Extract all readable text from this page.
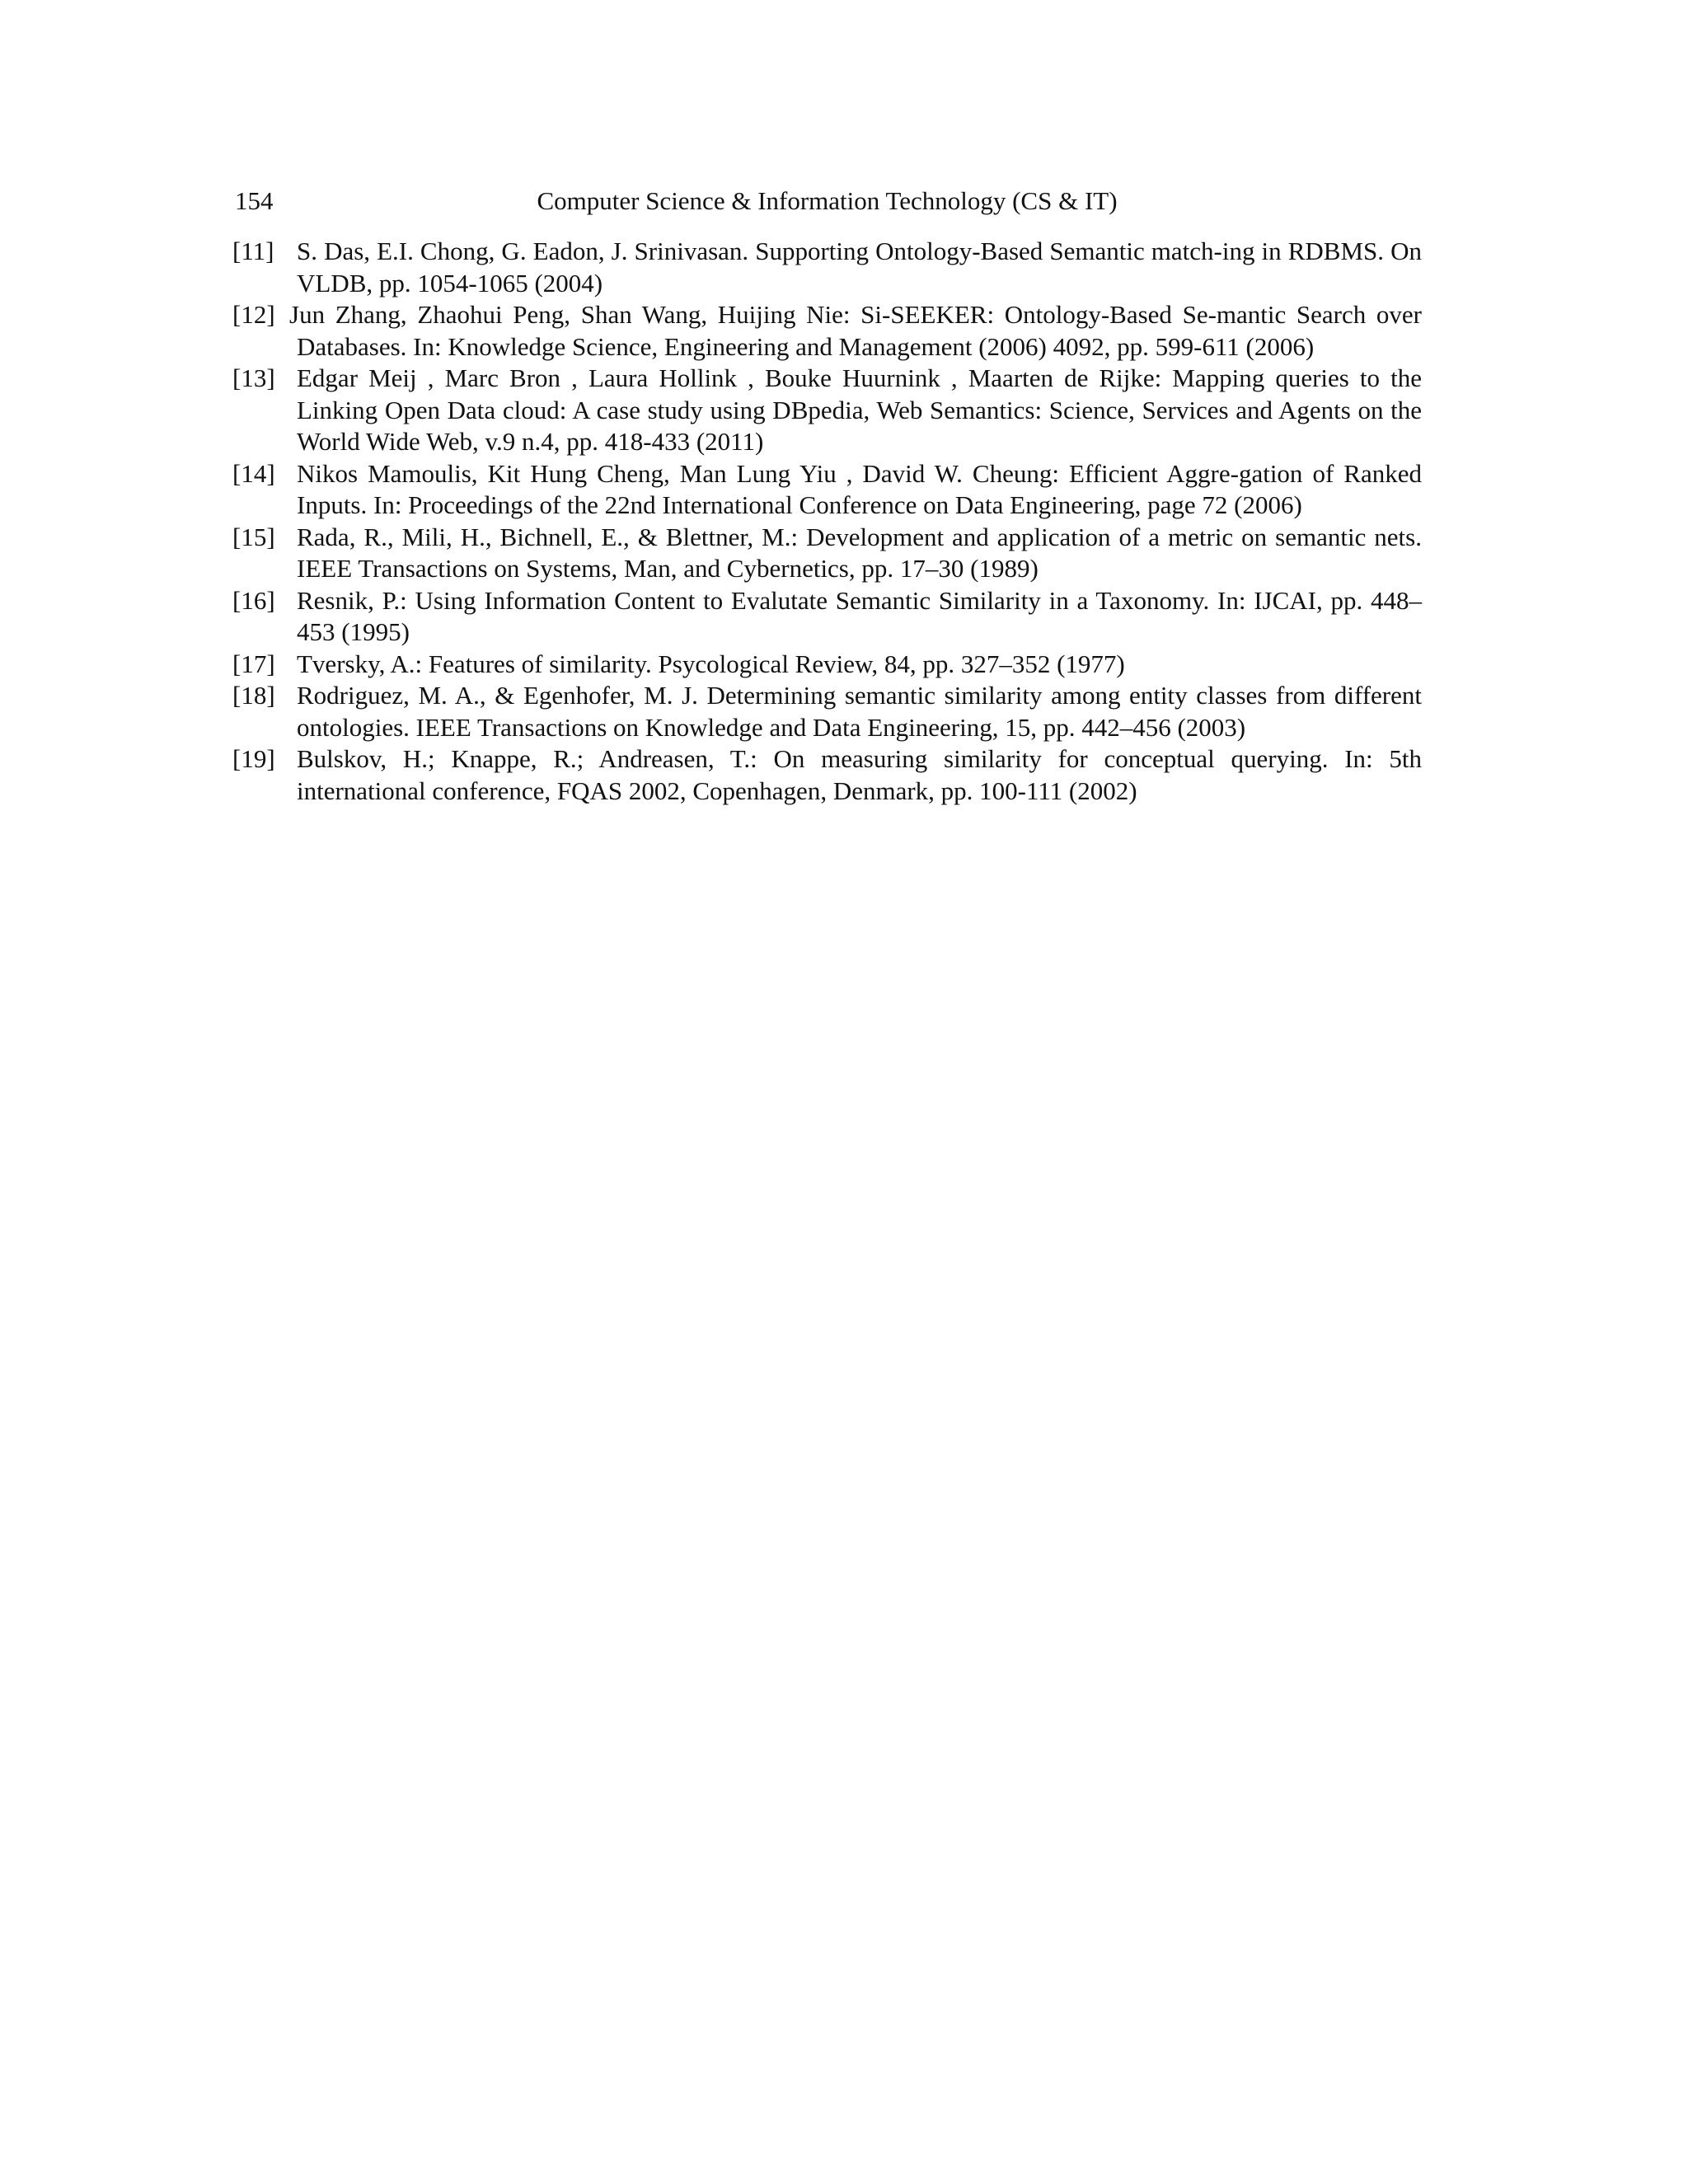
154	Computer Science & Information Technology (CS & IT)
[11] S. Das, E.I. Chong, G. Eadon, J. Srinivasan. Supporting Ontology-Based Semantic match-ing in RDBMS. On VLDB, pp. 1054-1065 (2004)
[12] Jun Zhang, Zhaohui Peng, Shan Wang, Huijing Nie: Si-SEEKER: Ontology-Based Se-mantic Search over Databases. In: Knowledge Science, Engineering and Management (2006) 4092, pp. 599-611 (2006)
[13] Edgar Meij , Marc Bron , Laura Hollink , Bouke Huurnink , Maarten de Rijke: Mapping queries to the Linking Open Data cloud: A case study using DBpedia, Web Semantics: Science, Services and Agents on the World Wide Web, v.9 n.4, pp. 418-433 (2011)
[14] Nikos Mamoulis, Kit Hung Cheng, Man Lung Yiu , David W. Cheung: Efficient Aggre-gation of Ranked Inputs. In: Proceedings of the 22nd International Conference on Data Engineering, page 72 (2006)
[15] Rada, R., Mili, H., Bichnell, E., & Blettner, M.: Development and application of a metric on semantic nets. IEEE Transactions on Systems, Man, and Cybernetics, pp. 17–30 (1989)
[16] Resnik, P.: Using Information Content to Evalutate Semantic Similarity in a Taxonomy. In: IJCAI, pp. 448–453 (1995)
[17] Tversky, A.: Features of similarity. Psycological Review, 84, pp. 327–352 (1977)
[18] Rodriguez, M. A., & Egenhofer, M. J. Determining semantic similarity among entity classes from different ontologies. IEEE Transactions on Knowledge and Data Engineering, 15, pp. 442–456 (2003)
[19] Bulskov, H.; Knappe, R.; Andreasen, T.: On measuring similarity for conceptual querying. In: 5th international conference, FQAS 2002, Copenhagen, Denmark, pp. 100-111 (2002)
